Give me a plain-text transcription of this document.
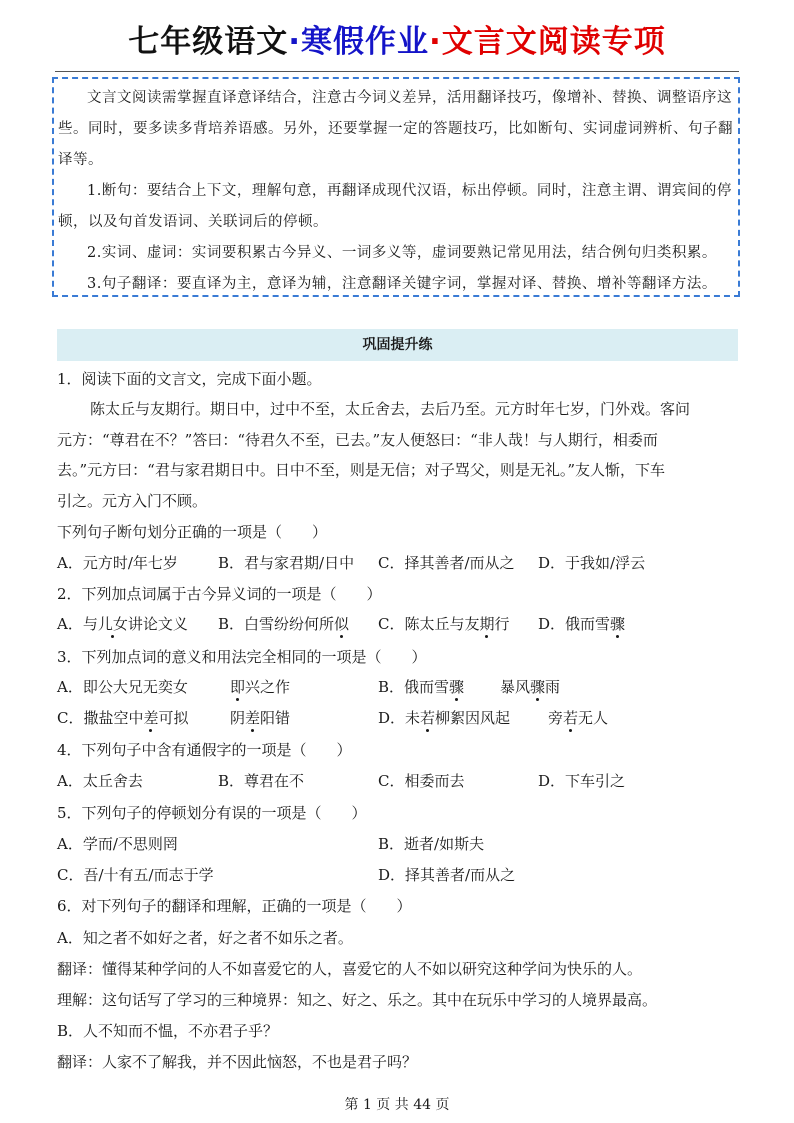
七年级语文·寒假作业·文言文阅读专项

文言文阅读需掌握直译意译结合，注意古今词义差异，活用翻译技巧，像增补、替换、调整语序这些。同时，要多读多背培养语感。另外，还要掌握一定的答题技巧，比如断句、实词虚词辨析、句子翻译等。

1.断句：要结合上下文，理解句意，再翻译成现代汉语，标出停顿。同时，注意主谓、谓宾间的停顿，以及句首发语词、关联词后的停顿。

2.实词、虚词：实词要积累古今异义、一词多义等，虚词要熟记常见用法，结合例句归类积累。

3.句子翻译：要直译为主，意译为辅，注意翻译关键字词，掌握对译、替换、增补等翻译方法。

巩固提升练
1．阅读下面的文言文，完成下面小题。
陈太丘与友期行。期日中，过中不至，太丘舍去，去后乃至。元方时年七岁，门外戏。客问
元方：“尊君在不？”答曰：“待君久不至，已去。”友人便怒曰：“非人哉！与人期行，相委而
去。”元方曰：“君与家君期日中。日中不至，则是无信；对子骂父，则是无礼。”友人惭，下车
引之。元方入门不顾。
下列句子断句划分正确的一项是（　　）
A．元方时/年七岁	B．君与家君期/日中 C．择其善者/而从之 D．于我如/浮云
2．下列加点词属于古今异义词的一项是（　　）
A．与儿女讲论文义 B．白雪纷纷何所似 C．陈太丘与友期行 D．俄而雪骤
3．下列加点词的意义和用法完全相同的一项是（　　）
A．即公大兄无奕女	即兴之作	B．俄而雪骤 暴风骤雨
C．撒盐空中差可拟	阴差阳错	D．未若柳絮因风起	旁若无人
4．下列句子中含有通假字的一项是（　　）
A．太丘舍去	B．尊君在不	C．相委而去	D．下车引之
5．下列句子的停顿划分有误的一项是（　　）
A．学而/不思则罔	B．逝者/如斯夫
C．吾/十有五/而志于学	D．择其善者/而从之
6．对下列句子的翻译和理解，正确的一项是（　　）
A．知之者不如好之者，好之者不如乐之者。
翻译：懂得某种学问的人不如喜爱它的人，喜爱它的人不如以研究这种学问为快乐的人。
理解：这句话写了学习的三种境界：知之、好之、乐之。其中在玩乐中学习的人境界最高。
B．人不知而不愠，不亦君子乎？
翻译：人家不了解我，并不因此恼怒，不也是君子吗？
第 1 页 共 44 页
